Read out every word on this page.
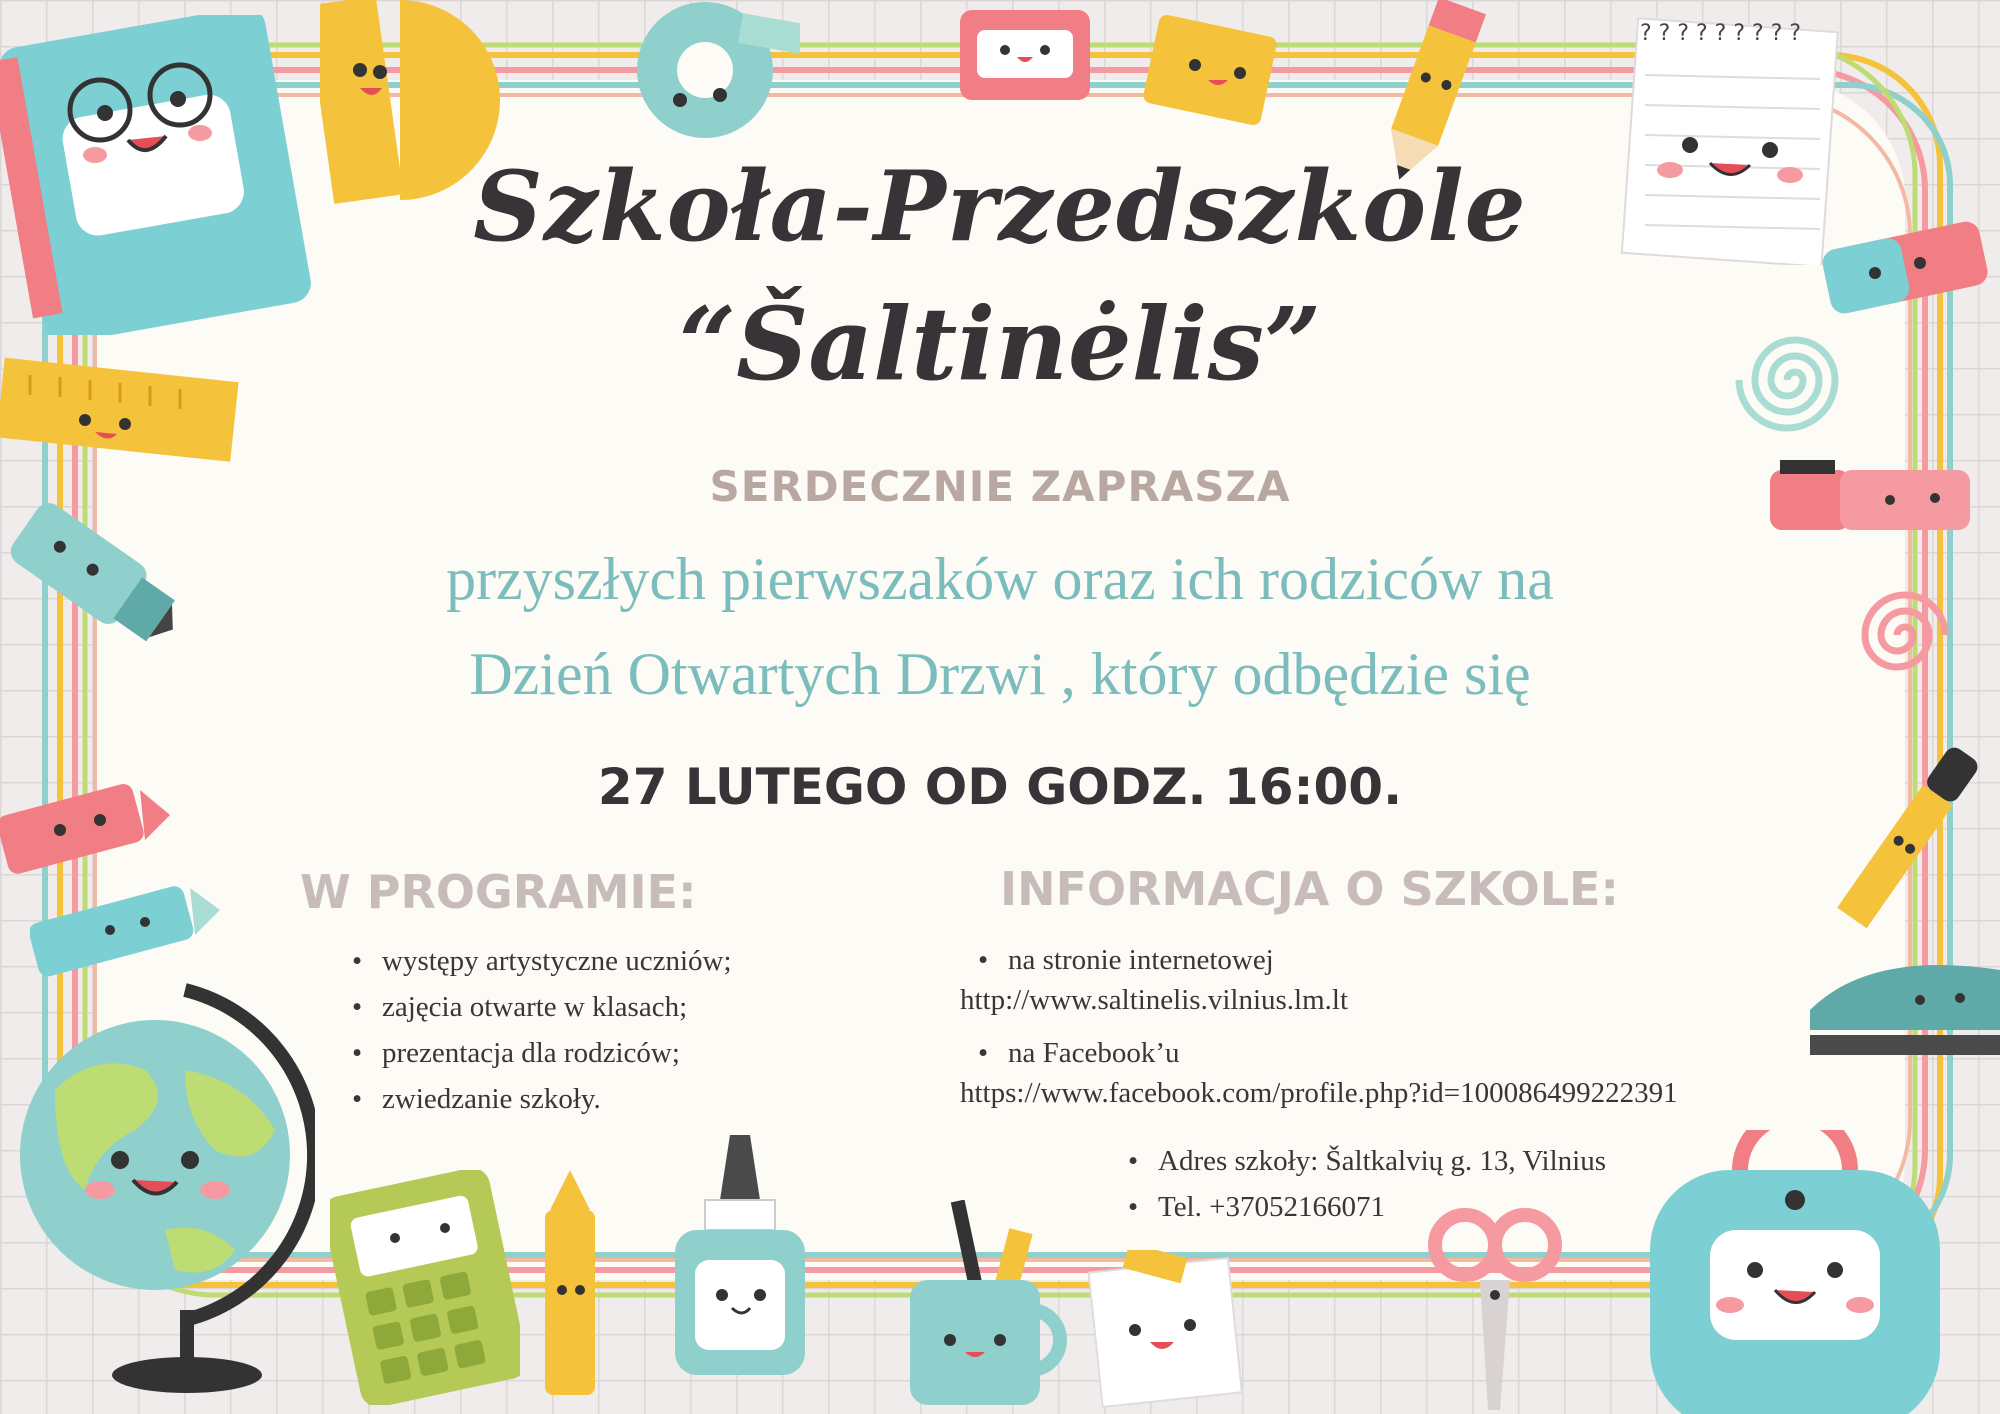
? ? ? ? ? ? ? ? ?
Szkoła-Przedszkole
“Šaltinėlis”
SERDECZNIE ZAPRASZA
przyszłych pierwszaków oraz ich rodziców na
Dzień Otwartych Drzwi , który odbędzie się
27 LUTEGO OD GODZ. 16:00.
W PROGRAMIE:
• występy artystyczne uczniów;
• zajęcia otwarte w klasach;
• prezentacja dla rodziców;
• zwiedzanie szkoły.
INFORMACJA O SZKOLE:
• na stronie internetowej
http://www.saltinelis.vilnius.lm.lt
• na Facebook’u
https://www.facebook.com/profile.php?id=100086499222391
• Adres szkoły: Šaltkalvių g. 13, Vilnius
• Tel. +37052166071
